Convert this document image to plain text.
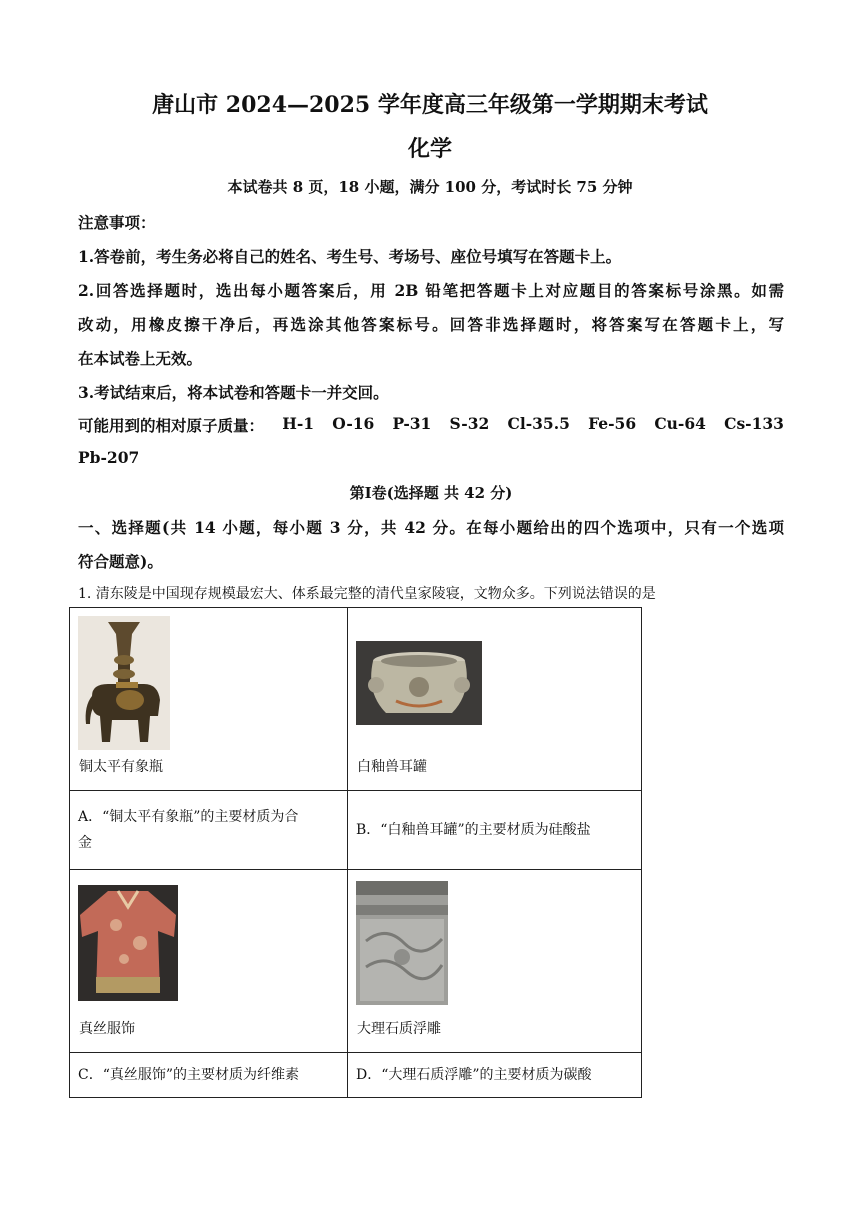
唐山市 2024—2025 学年度高三年级第一学期期末考试
化学
本试卷共 8 页，18 小题，满分 100 分，考试时长 75 分钟
注意事项：
1.答卷前，考生务必将自己的姓名、考生号、考场号、座位号填写在答题卡上。
2.回答选择题时，选出每小题答案后，用 2B 铅笔把答题卡上对应题目的答案标号涂黑。如需
改动，用橡皮擦干净后，再选涂其他答案标号。回答非选择题时，将答案写在答题卡上，写
在本试卷上无效。
3.考试结束后，将本试卷和答题卡一并交回。
可能用到的相对原子质量： H-1 O-16 P-31 S-32 Cl-35.5 Fe-56 Cu-64 Cs-133
Pb-207
第Ⅰ卷(选择题 共 42 分)
一、选择题(共 14 小题，每小题 3 分，共 42 分。在每小题给出的四个选项中，只有一个选项
符合题意)。
1. 清东陵是中国现存规模最宏大、体系最完整的清代皇家陵寝，文物众多。下列说法错误的是
铜太平有象瓶	白釉兽耳罐

A．“铜太平有象瓶”的主要材质为合
金	B．“白釉兽耳罐”的主要材质为硅酸盐

真丝服饰	大理石质浮雕

C．“真丝服饰”的主要材质为纤维素	D．“大理石质浮雕”的主要材质为碳酸
